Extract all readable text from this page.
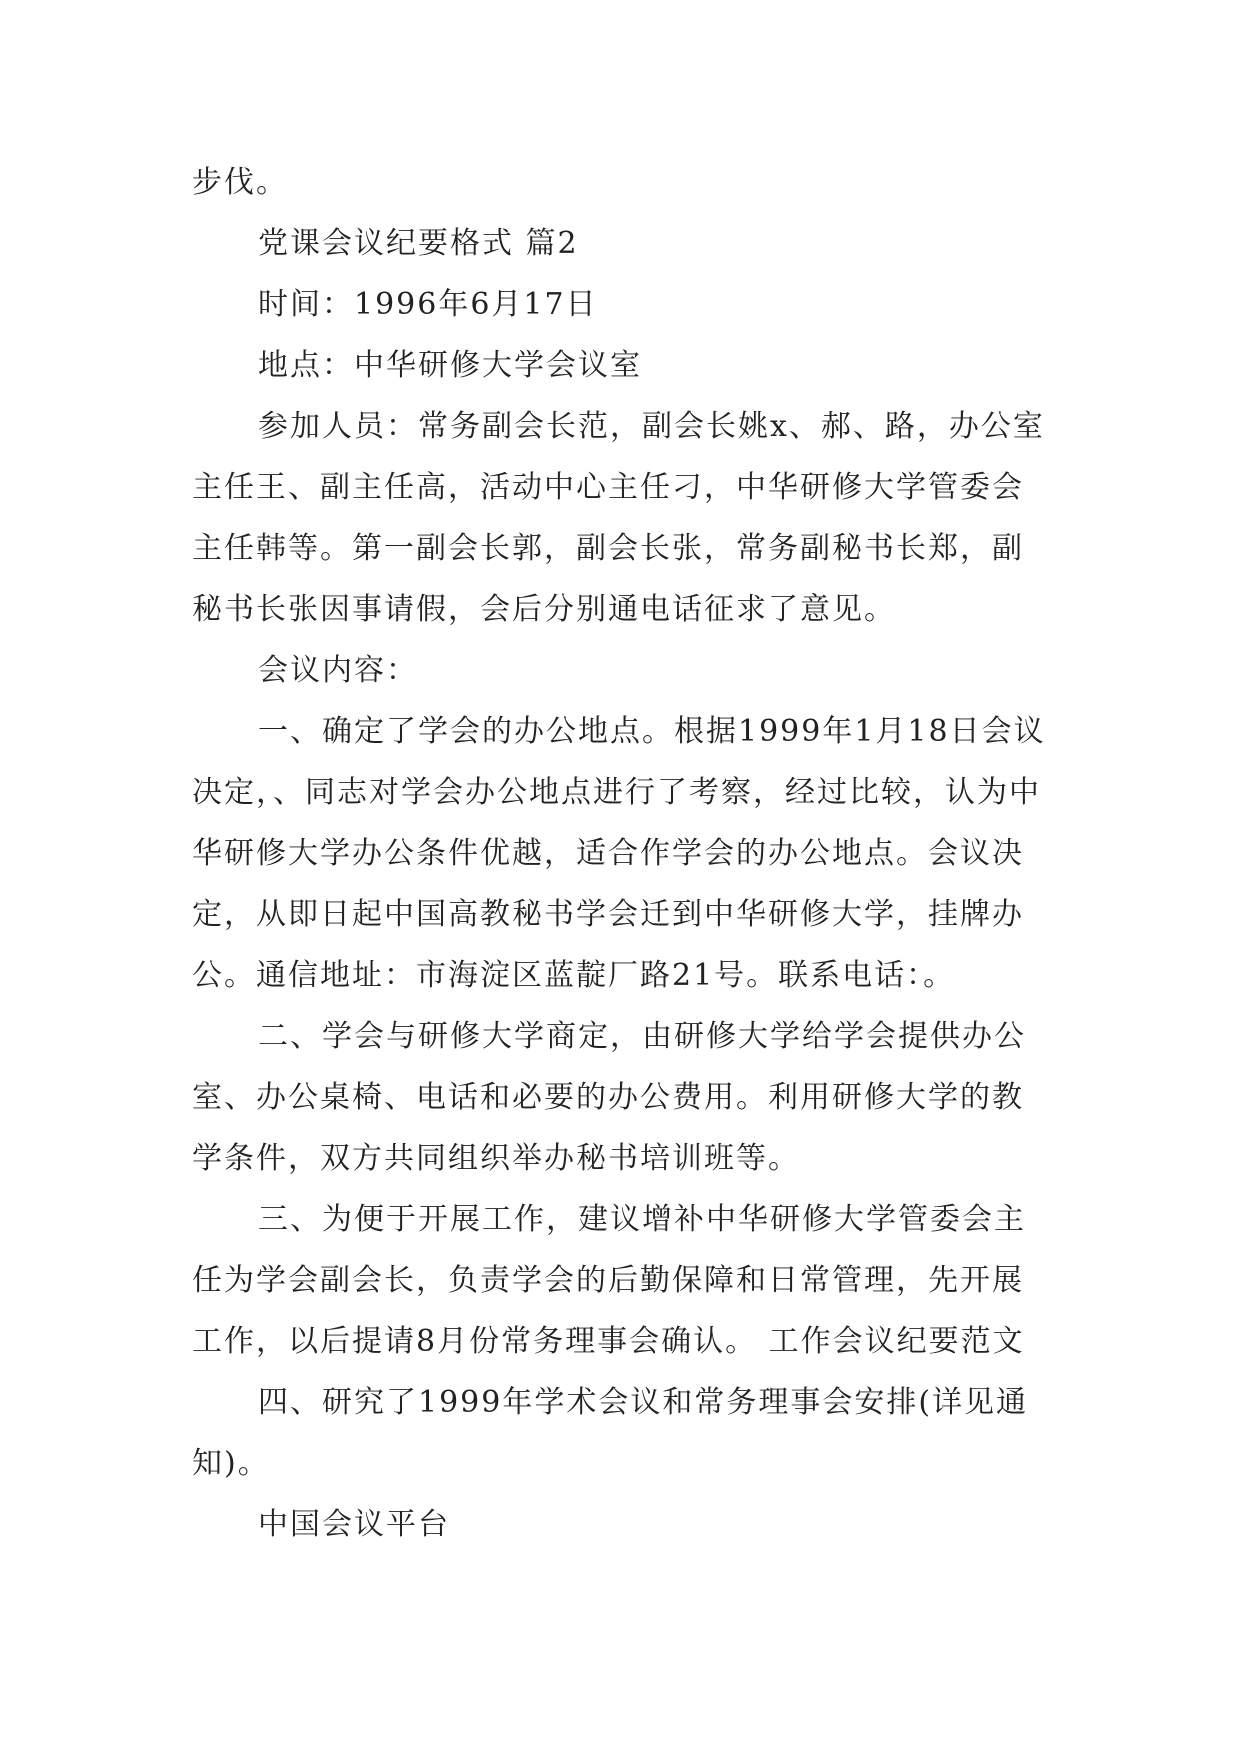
步伐。

党课会议纪要格式 篇2

时间：1996年6月17日

地点：中华研修大学会议室

参加人员：常务副会长范，副会长姚x、郝、路，办公室主任王、副主任高，活动中心主任刁，中华研修大学管委会主任韩等。第一副会长郭，副会长张，常务副秘书长郑，副秘书长张因事请假，会后分别通电话征求了意见。

会议内容：

一、确定了学会的办公地点。根据1999年1月18日会议决定，、同志对学会办公地点进行了考察，经过比较，认为中华研修大学办公条件优越，适合作学会的办公地点。会议决定，从即日起中国高教秘书学会迁到中华研修大学，挂牌办公。通信地址：市海淀区蓝靛厂路21号。联系电话：。

二、学会与研修大学商定，由研修大学给学会提供办公室、办公桌椅、电话和必要的办公费用。利用研修大学的教学条件，双方共同组织举办秘书培训班等。

三、为便于开展工作，建议增补中华研修大学管委会主任为学会副会长，负责学会的后勤保障和日常管理，先开展工作，以后提请8月份常务理事会确认。 工作会议纪要范文

四、研究了1999年学术会议和常务理事会安排(详见通知)。

中国会议平台
